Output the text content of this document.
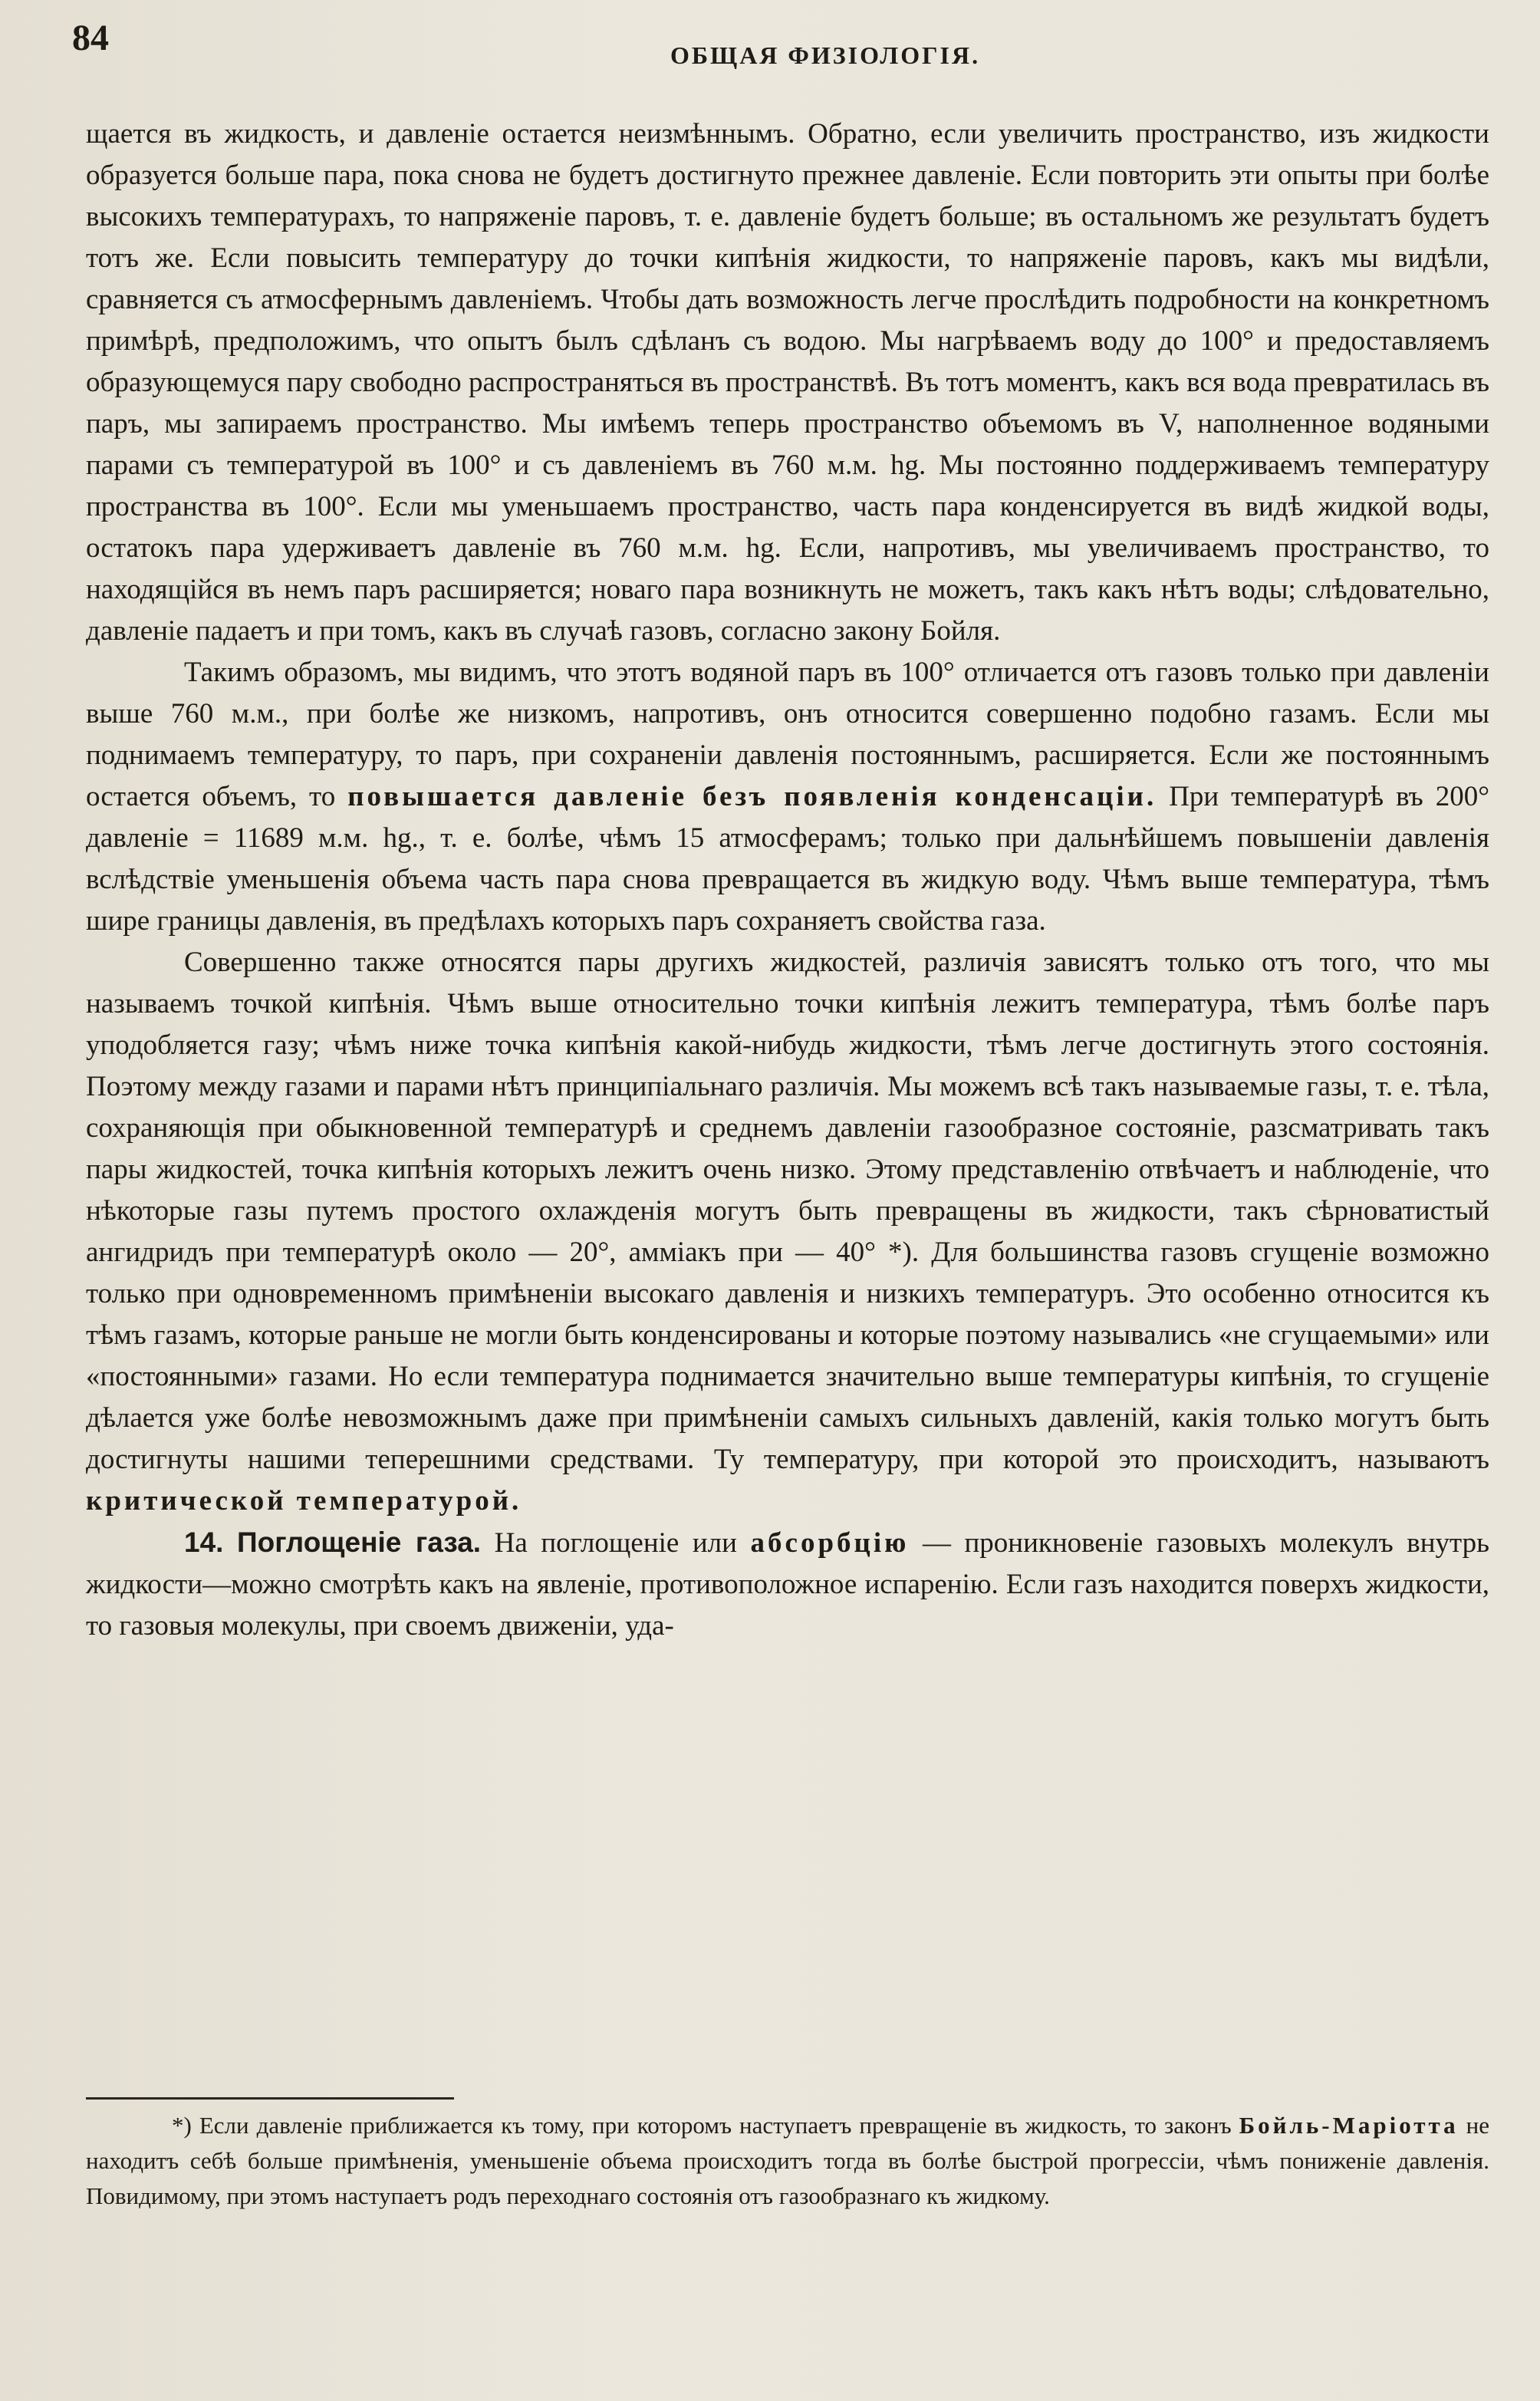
84	ОБЩАЯ ФИЗІОЛОГІЯ.

щается въ жидкость, и давленіе остается неизмѣннымъ. Обратно, если увеличить пространство, изъ жидкости образуется больше пара, пока снова не будетъ достигнуто прежнее давленіе. Если повторить эти опыты при болѣе высокихъ температурахъ, то напряженіе паровъ, т. е. давленіе будетъ больше; въ остальномъ же результатъ будетъ тотъ же. Если повысить температуру до точки кипѣнія жидкости, то напряженіе паровъ, какъ мы видѣли, сравняется съ атмосфернымъ давленіемъ. Чтобы дать возможность легче прослѣдить подробности на конкретномъ примѣрѣ, предположимъ, что опытъ былъ сдѣланъ съ водою. Мы нагрѣваемъ воду до 100° и предоставляемъ образующемуся пару свободно распространяться въ пространствѣ. Въ тотъ моментъ, какъ вся вода превратилась въ паръ, мы запираемъ пространство. Мы имѣемъ теперь пространство объемомъ въ V, наполненное водяными парами съ температурой въ 100° и съ давленіемъ въ 760 м.м. hg. Мы постоянно поддерживаемъ температуру пространства въ 100°. Если мы уменьшаемъ пространство, часть пара конденсируется въ видѣ жидкой воды, остатокъ пара удерживаетъ давленіе въ 760 м.м. hg. Если, напротивъ, мы увеличиваемъ пространство, то находящійся въ немъ паръ расширяется; новаго пара возникнуть не можетъ, такъ какъ нѣтъ воды; слѣдовательно, давленіе падаетъ и при томъ, какъ въ случаѣ газовъ, согласно закону Бойля.

Такимъ образомъ, мы видимъ, что этотъ водяной паръ въ 100° отличается отъ газовъ только при давленіи выше 760 м.м., при болѣе же низкомъ, напротивъ, онъ относится совершенно подобно газамъ. Если мы поднимаемъ температуру, то паръ, при сохраненіи давленія постояннымъ, расширяется. Если же постояннымъ остается объемъ, то повышается давленіе безъ появленія конденсаціи. При температурѣ въ 200° давленіе = 11689 м.м. hg., т. е. болѣе, чѣмъ 15 атмосферамъ; только при дальнѣйшемъ повышеніи давленія вслѣдствіе уменьшенія объема часть пара снова превращается въ жидкую воду. Чѣмъ выше температура, тѣмъ шире границы давленія, въ предѣлахъ которыхъ паръ сохраняетъ свойства газа.

Совершенно также относятся пары другихъ жидкостей, различія зависятъ только отъ того, что мы называемъ точкой кипѣнія. Чѣмъ выше относительно точки кипѣнія лежитъ температура, тѣмъ болѣе паръ уподобляется газу; чѣмъ ниже точка кипѣнія какой-нибудь жидкости, тѣмъ легче достигнуть этого состоянія. Поэтому между газами и парами нѣтъ принципіальнаго различія. Мы можемъ всѣ такъ называемые газы, т. е. тѣла, сохраняющія при обыкновенной температурѣ и среднемъ давленіи газообразное состояніе, разсматривать такъ пары жидкостей, точка кипѣнія которыхъ лежитъ очень низко. Этому представленію отвѣчаетъ и наблюденіе, что нѣкоторые газы путемъ простого охлажденія могутъ быть превращены въ жидкости, такъ сѣрноватистый ангидридъ при температурѣ около — 20°, амміакъ при — 40° *). Для большинства газовъ сгущеніе возможно только при одновременномъ примѣненіи высокаго давленія и низкихъ температуръ. Это особенно относится къ тѣмъ газамъ, которые раньше не могли быть конденсированы и которые поэтому назывались «не сгущаемыми» или «постоянными» газами. Но если температура поднимается значительно выше температуры кипѣнія, то сгущеніе дѣлается уже болѣе невозможнымъ даже при примѣненіи самыхъ сильныхъ давленій, какія только могутъ быть достигнуты нашими теперешними средствами. Ту температуру, при которой это происходитъ, называютъ критической температурой.

14. Поглощеніе газа. На поглощеніе или абсорбцію — проникновеніе газовыхъ молекулъ внутрь жидкости—можно смотрѣть какъ на явленіе, противоположное испаренію. Если газъ находится поверхъ жидкости, то газовыя молекулы, при своемъ движеніи, уда-

*) Если давленіе приближается къ тому, при которомъ наступаетъ превращеніе въ жидкость, то законъ Бойль-Маріотта не находитъ себѣ больше примѣненія, уменьшеніе объема происходитъ тогда въ болѣе быстрой прогрессіи, чѣмъ пониженіе давленія. Повидимому, при этомъ наступаетъ родъ переходнаго состоянія отъ газообразнаго къ жидкому.
